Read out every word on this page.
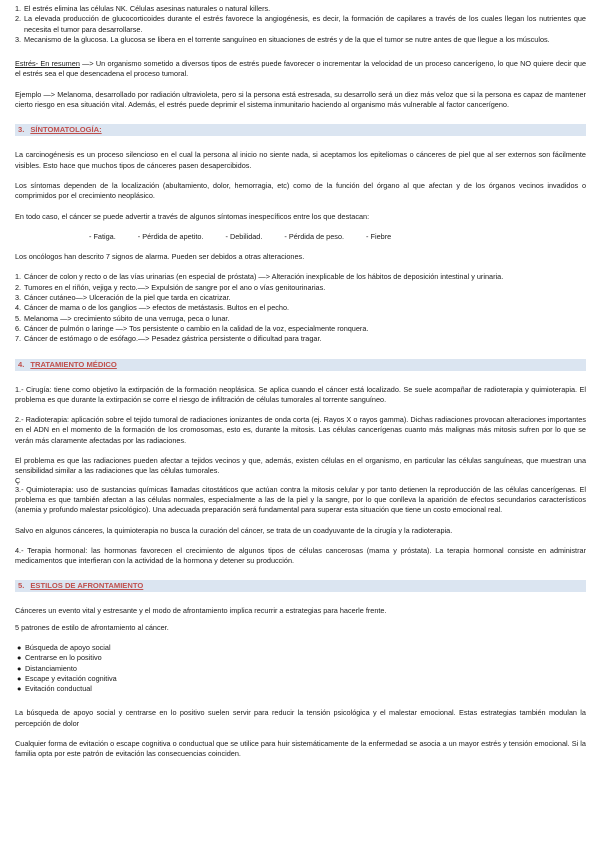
1. El estrés elimina las células NK. Células asesinas naturales o natural killers.
2. La elevada producción de glucocorticoides durante el estrés favorece la angiogénesis, es decir, la formación de capilares a través de los cuales llegan los nutrientes que necesita el tumor para desarrollarse.
3. Mecanismo de la glucosa. La glucosa se libera en el torrente sanguíneo en situaciones de estrés y de la que el tumor se nutre antes de que llegue a los músculos.

Estrés- En resumen —> Un organismo sometido a diversos tipos de estrés puede favorecer o incrementar la velocidad de un proceso cancerígeno, lo que NO quiere decir que el estrés sea el que desencadena el proceso tumoral.

Ejemplo —> Melanoma, desarrollado por radiación ultravioleta, pero si la persona está estresada, su desarrollo será un diez más veloz que si la persona es capaz de mantener cierto riesgo en esa situación vital. Además, el estrés puede deprimir el sistema inmunitario haciendo al organismo más vulnerable al factor cancerígeno.

3. SÍNTOMATOLOGÍA:

La carcinogénesis es un proceso silencioso en el cual la persona al inicio no siente nada, si aceptamos los epiteliomas o cánceres de piel que al ser externos son fácilmente visibles. Esto hace que muchos tipos de cánceres pasen desapercibidos.

Los síntomas dependen de la localización (abultamiento, dolor, hemorragia, etc) como de la función del órgano al que afectan y de los órganos vecinos invadidos o comprimidos por el crecimiento neoplásico.

En todo caso, el cáncer se puede advertir a través de algunos síntomas inespecíficos entre los que destacan:

- Fatiga.	- Pérdida de apetito.	- Debilidad.	- Pérdida de peso.	- Fiebre

Los oncólogos han descrito 7 signos de alarma. Pueden ser debidos a otras alteraciones.

1. Cáncer de colon y recto o de las vías urinarias (en especial de próstata) —> Alteración inexplicable de los hábitos de deposición intestinal y urinaria.
2. Tumores en el riñón, vejiga y recto.—> Expulsión de sangre por el ano o vías genitourinarias.
3. Cáncer cutáneo—> Ulceración de la piel que tarda en cicatrizar.
4. Cáncer de mama o de los ganglios —> efectos de metástasis. Bultos en el pecho.
5. Melanoma —> crecimiento súbito de una verruga, peca o lunar.
6. Cáncer de pulmón o laringe —> Tos persistente o cambio en la calidad de la voz, especialmente ronquera.
7. Cáncer de estómago o de esófago.—> Pesadez gástrica persistente o dificultad para tragar.
4. TRATAMIENTO MÉDICO

1.- Cirugía: tiene como objetivo la extirpación de la formación neoplásica. Se aplica cuando el cáncer está localizado. Se suele acompañar de radioterapia y quimioterapia. El problema es que durante la extirpación se corre el riesgo de infiltración de células tumorales al torrente sanguíneo.

2.- Radioterapia: aplicación sobre el tejido tumoral de radiaciones ionizantes de onda corta (ej. Rayos X o rayos gamma). Dichas radiaciones provocan alteraciones importantes en el ADN en el momento de la formación de los cromosomas, esto es, durante la mitosis. Las células cancerígenas cuanto más malignas más mitosis sufren por lo que se verán más claramente afectadas por las radiaciones.

El problema es que las radiaciones pueden afectar a tejidos vecinos y que, además, existen células en el organismo, en particular las células sanguíneas, que muestran una sensibilidad similar a las radiaciones que las células tumorales.

Ç

3.- Quimioterapia: uso de sustancias químicas llamadas citostáticos que actúan contra la mitosis celular y por tanto detienen la reproducción de las células cancerígenas. El problema es que también afectan a las células normales, especialmente a las de la piel y la sangre, por lo que conlleva la aparición de efectos secundarios característicos (anemia y profundo malestar psicológico). Una adecuada preparación será fundamental para superar esta situación que tiene un costo emocional real.

Salvo en algunos cánceres, la quimioterapia no busca la curación del cáncer, se trata de un coadyuvante de la cirugía y la radioterapia.

4.- Terapia hormonal: las hormonas favorecen el crecimiento de algunos tipos de células cancerosas (mama y próstata). La terapia hormonal consiste en administrar medicamentos que interfieran con la actividad de la hormona y detener su producción.

5. ESTILOS DE AFRONTAMIENTO

Cánceres un evento vital y estresante y el modo de afrontamiento implica recurrir a estrategias para hacerle frente.

5 patrones de estilo de afrontamiento al cáncer.

● Búsqueda de apoyo social
● Centrarse en lo positivo
● Distanciamiento
● Escape y evitación cognitiva
● Evitación conductual

La búsqueda de apoyo social y centrarse en lo positivo suelen servir para reducir la tensión psicológica y el malestar emocional. Estas estrategias también modulan la percepción de dolor

Cualquier forma de evitación o escape cognitiva o conductual que se utilice para huir sistemáticamente de la enfermedad se asocia a un mayor estrés y tensión emocional. Si la familia opta por este patrón de evitación las consecuencias coinciden.
